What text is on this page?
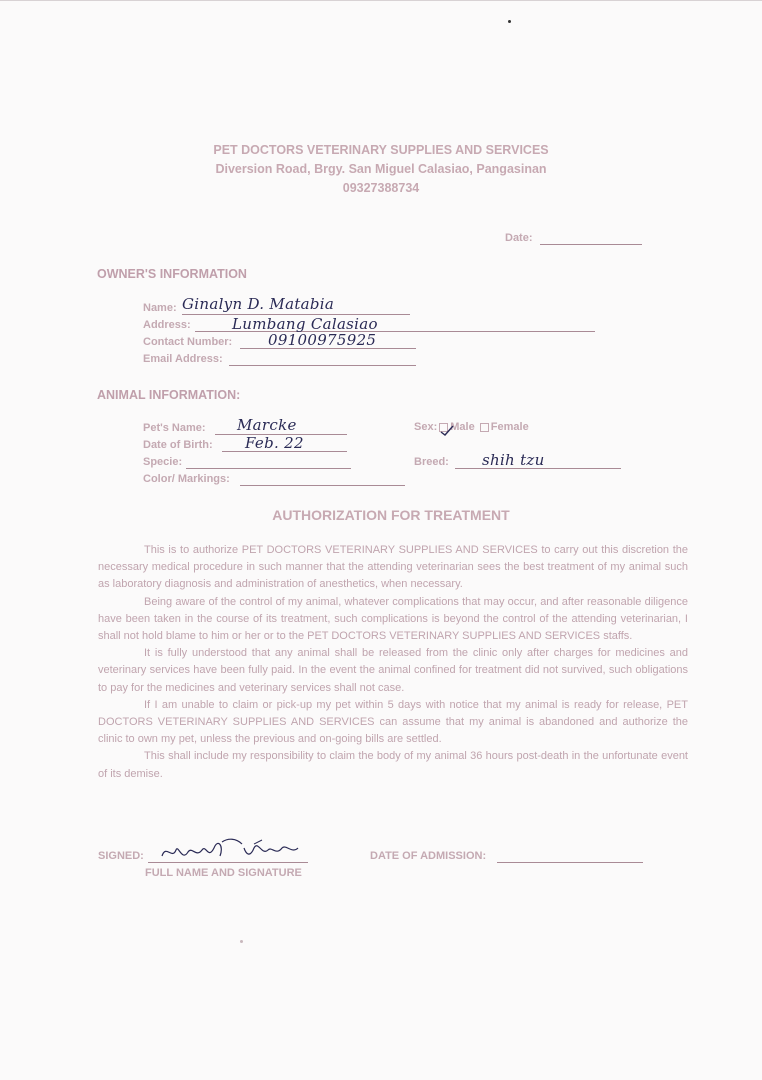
PET DOCTORS VETERINARY SUPPLIES AND SERVICES
Diversion Road, Brgy. San Miguel Calasiao, Pangasinan
09327388734
Date:
OWNER'S INFORMATION
Name: Ginalyn D. Matabia
Address:	Lumbang Calasiao
Contact Number: 09100975925
Email Address:
ANIMAL INFORMATION:
Pet's Name: Marcke
Date of Birth: Feb. 22
Specie:
Color/ Markings:
Sex: Male Female
Breed: shih tzu
AUTHORIZATION FOR TREATMENT

This is to authorize PET DOCTORS VETERINARY SUPPLIES AND SERVICES to carry out this discretion the necessary medical procedure in such manner that the attending veterinarian sees the best treatment of my animal such as laboratory diagnosis and administration of anesthetics, when necessary.

Being aware of the control of my animal, whatever complications that may occur, and after reasonable diligence have been taken in the course of its treatment, such complications is beyond the control of the attending veterinarian, I shall not hold blame to him or her or to the PET DOCTORS VETERINARY SUPPLIES AND SERVICES staffs.

It is fully understood that any animal shall be released from the clinic only after charges for medicines and veterinary services have been fully paid. In the event the animal confined for treatment did not survived, such obligations to pay for the medicines and veterinary services shall not case.

If I am unable to claim or pick-up my pet within 5 days with notice that my animal is ready for release, PET DOCTORS VETERINARY SUPPLIES AND SERVICES can assume that my animal is abandoned and authorize the clinic to own my pet, unless the previous and on-going bills are settled.

This shall include my responsibility to claim the body of my animal 36 hours post-death in the unfortunate event of its demise.

SIGNED:
FULL NAME AND SIGNATURE
DATE OF ADMISSION:
